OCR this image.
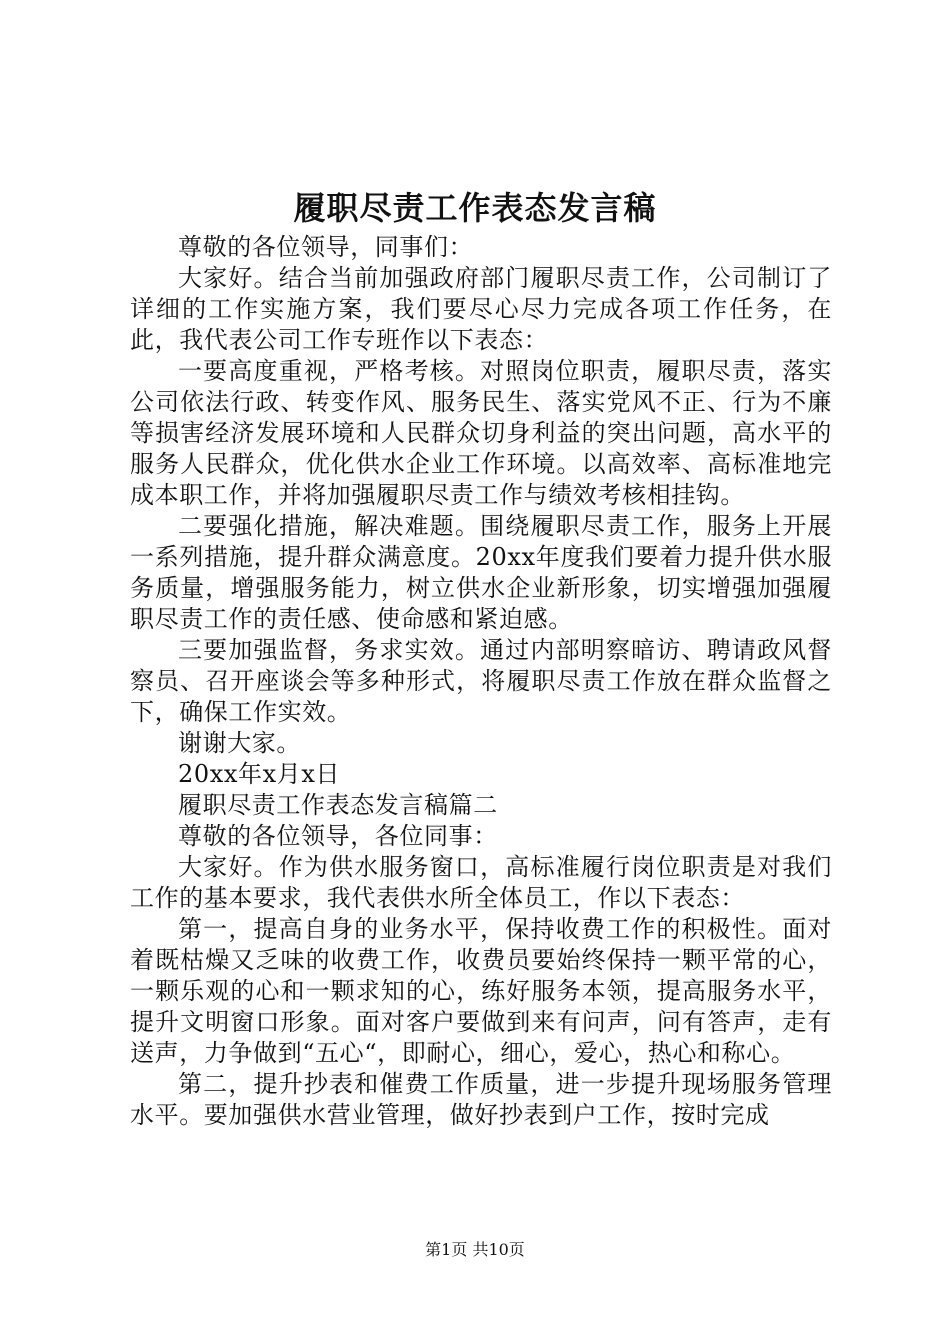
履职尽责工作表态发言稿

尊敬的各位领导，同事们：

大家好。结合当前加强政府部门履职尽责工作，公司制订了详细的工作实施方案，我们要尽心尽力完成各项工作任务，在此，我代表公司工作专班作以下表态：

一要高度重视，严格考核。对照岗位职责，履职尽责，落实公司依法行政、转变作风、服务民生、落实党风不正、行为不廉等损害经济发展环境和人民群众切身利益的突出问题，高水平的服务人民群众，优化供水企业工作环境。以高效率、高标准地完成本职工作，并将加强履职尽责工作与绩效考核相挂钩。

二要强化措施，解决难题。围绕履职尽责工作，服务上开展一系列措施，提升群众满意度。20xx年度我们要着力提升供水服务质量，增强服务能力，树立供水企业新形象，切实增强加强履职尽责工作的责任感、使命感和紧迫感。

三要加强监督，务求实效。通过内部明察暗访、聘请政风督察员、召开座谈会等多种形式，将履职尽责工作放在群众监督之下，确保工作实效。

谢谢大家。

20xx年x月x日

履职尽责工作表态发言稿篇二

尊敬的各位领导，各位同事：

大家好。作为供水服务窗口，高标准履行岗位职责是对我们工作的基本要求，我代表供水所全体员工，作以下表态：

第一，提高自身的业务水平，保持收费工作的积极性。面对着既枯燥又乏味的收费工作，收费员要始终保持一颗平常的心，一颗乐观的心和一颗求知的心，练好服务本领，提高服务水平，提升文明窗口形象。面对客户要做到来有问声，问有答声，走有送声，力争做到“五心“，即耐心，细心，爱心，热心和称心。

第二，提升抄表和催费工作质量，进一步提升现场服务管理水平。要加强供水营业管理，做好抄表到户工作，按时完成

第1页 共10页
